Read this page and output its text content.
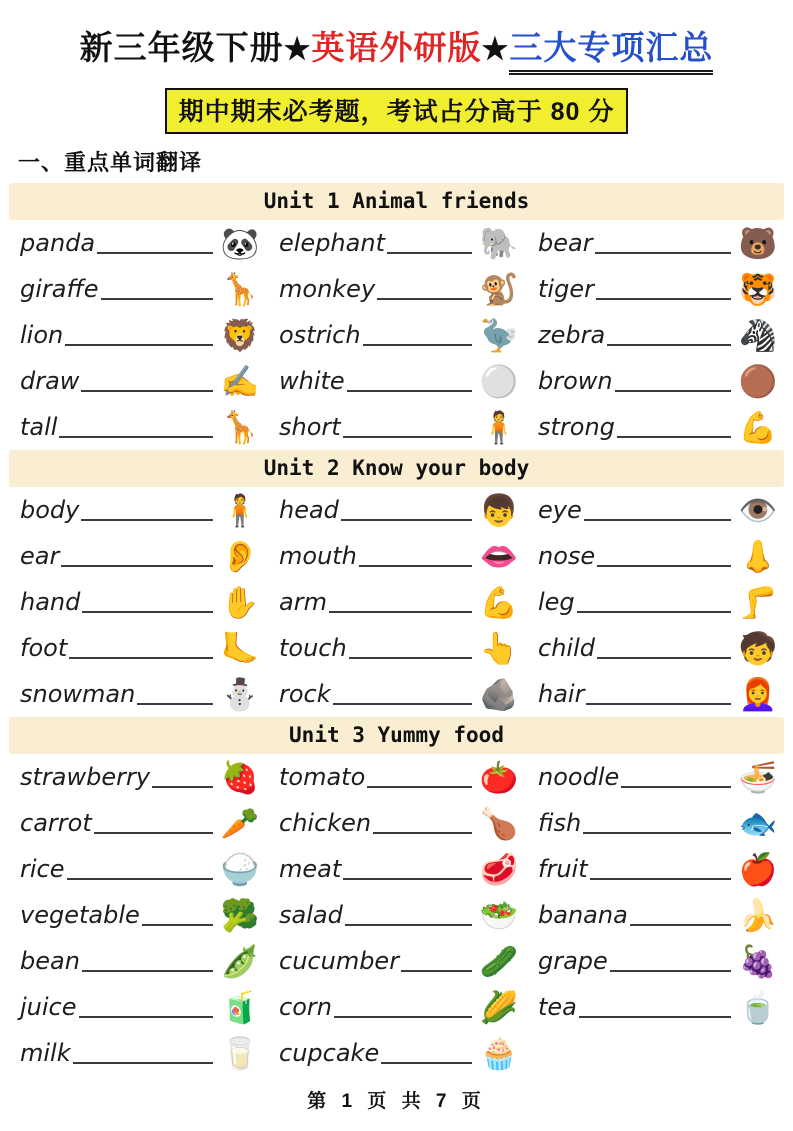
新三年级下册★英语外研版★三大专项汇总
期中期末必考题，考试占分高于 80 分
一、重点单词翻译
Unit 1 Animal friends
panda	🐼 elephant	🐘 bear	🐻
giraffe	🦒 monkey	🐒 tiger	🐯
lion	🦁 ostrich	🦤 zebra	🦓
draw	✍️ white	⚪ brown	🟤
tall	🦒 short	🧍 strong	💪
Unit 2 Know your body
body	🧍 head	👦 eye	👁️
ear	👂 mouth	👄 nose	👃
hand	✋ arm	💪 leg	🦵
foot	🦶 touch	👆 child	🧒
snowman	⛄ rock	🪨 hair	👩‍🦰
Unit 3 Yummy food
strawberry 🍓 tomato	🍅 noodle	🍜
carrot	🥕 chicken	🍗 fish	🐟
rice	🍚 meat	🥩 fruit	🍎
vegetable	🥦 salad	🥗 banana	🍌
bean	🫛 cucumber	🥒 grape	🍇
juice	🧃 corn	🌽 tea	🍵
milk	🥛 cupcake	🧁
第 1 页 共 7 页
